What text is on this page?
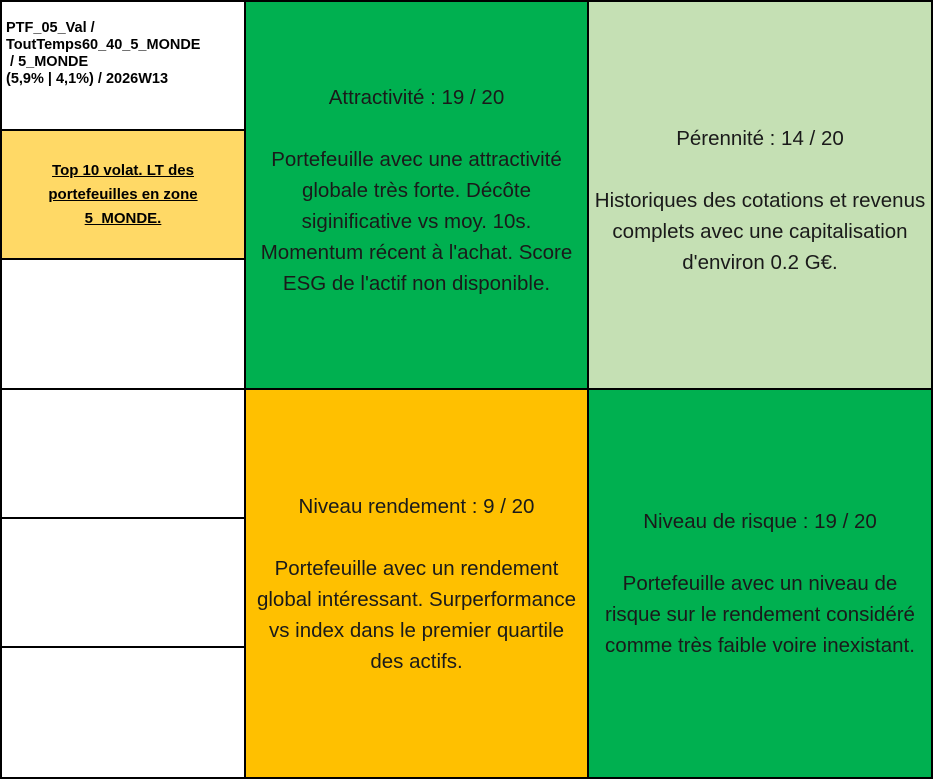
PTF_05_Val /
ToutTemps60_40_5_MONDE
/ 5_MONDE
(5,9% | 4,1%) / 2026W13
Top 10 volat. LT des portefeuilles en zone 5_MONDE.
Attractivité : 19 / 20
Portefeuille avec une attractivité globale très forte. Décôte siginificative vs moy. 10s. Momentum récent à l'achat. Score ESG de l'actif non disponible.
Pérennité : 14 / 20
Historiques des cotations et revenus complets avec une capitalisation d'environ 0.2 G€.
Niveau rendement : 9 / 20
Portefeuille avec un rendement global intéressant. Surperformance vs index dans le premier quartile des actifs.
Niveau de risque : 19 / 20
Portefeuille avec un niveau de risque sur le rendement considéré comme très faible voire inexistant.
